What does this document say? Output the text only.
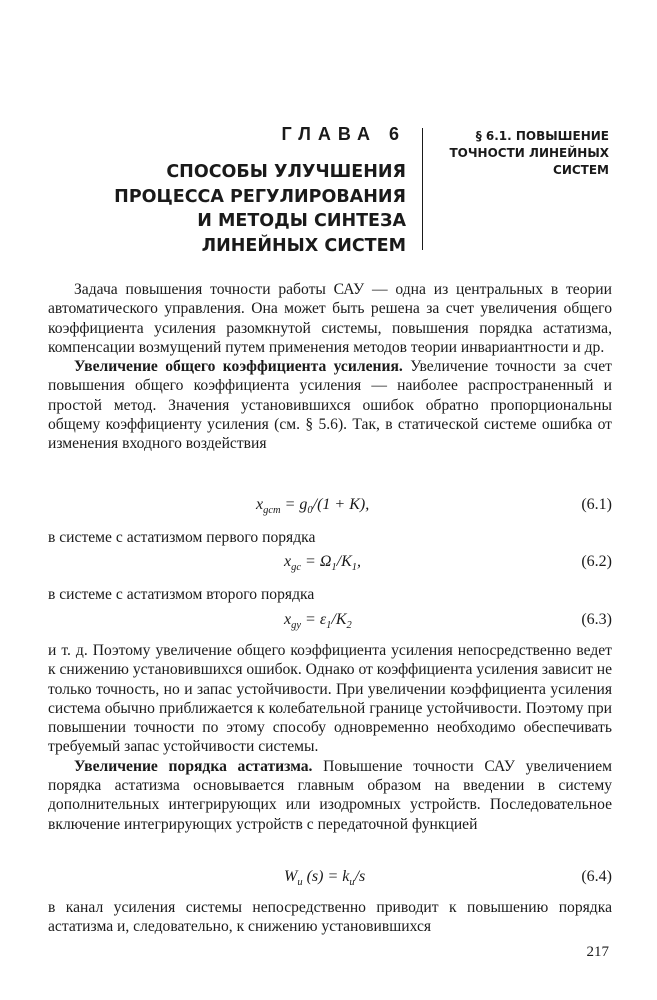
ГЛАВА 6
СПОСОБЫ УЛУЧШЕНИЯ
ПРОЦЕССА РЕГУЛИРОВАНИЯ
И МЕТОДЫ СИНТЕЗА
ЛИНЕЙНЫХ СИСТЕМ
§ 6.1. ПОВЫШЕНИЕ
ТОЧНОСТИ ЛИНЕЙНЫХ
СИСТЕМ

Задача повышения точности работы САУ — одна из центральных в теории автоматического управления. Она может быть решена за счет увеличения общего коэффициента усиления разомкнутой системы, повышения порядка астатизма, компенсации возмущений путем применения методов теории инвариантности и др.

Увеличение общего коэффициента усиления. Увеличение точности за счет повышения общего коэффициента усиления — наиболее распространенный и простой метод. Значения установившихся ошибок обратно пропорциональны общему коэффициенту усиления (см. § 5.6). Так, в статической системе ошибка от изменения входного воздействия

$x_{gст} = g_0/(1 + K)$,	(6.1)

в системе с астатизмом первого порядка

$x_{gc} = \Omega_1/K_1$,	(6.2)

в системе с астатизмом второго порядка

$x_{gy} = \varepsilon_1/K_2$	(6.3)

и т. д. Поэтому увеличение общего коэффициента усиления непосредственно ведет к снижению установившихся ошибок. Однако от коэффициента усиления зависит не только точность, но и запас устойчивости. При увеличении коэффициента усиления система обычно приближается к колебательной границе устойчивости. Поэтому при повышении точности по этому способу одновременно необходимо обеспечивать требуемый запас устойчивости системы.

Увеличение порядка астатизма. Повышение точности САУ увеличением порядка астатизма основывается главным образом на введении в систему дополнительных интегрирующих или изодромных устройств. Последовательное включение интегрирующих устройств с передаточной функцией

$W_и$ $(s) = k_и/s$	(6.4)

в канал усиления системы непосредственно приводит к повышению порядка астатизма и, следовательно, к снижению установившихся

217
